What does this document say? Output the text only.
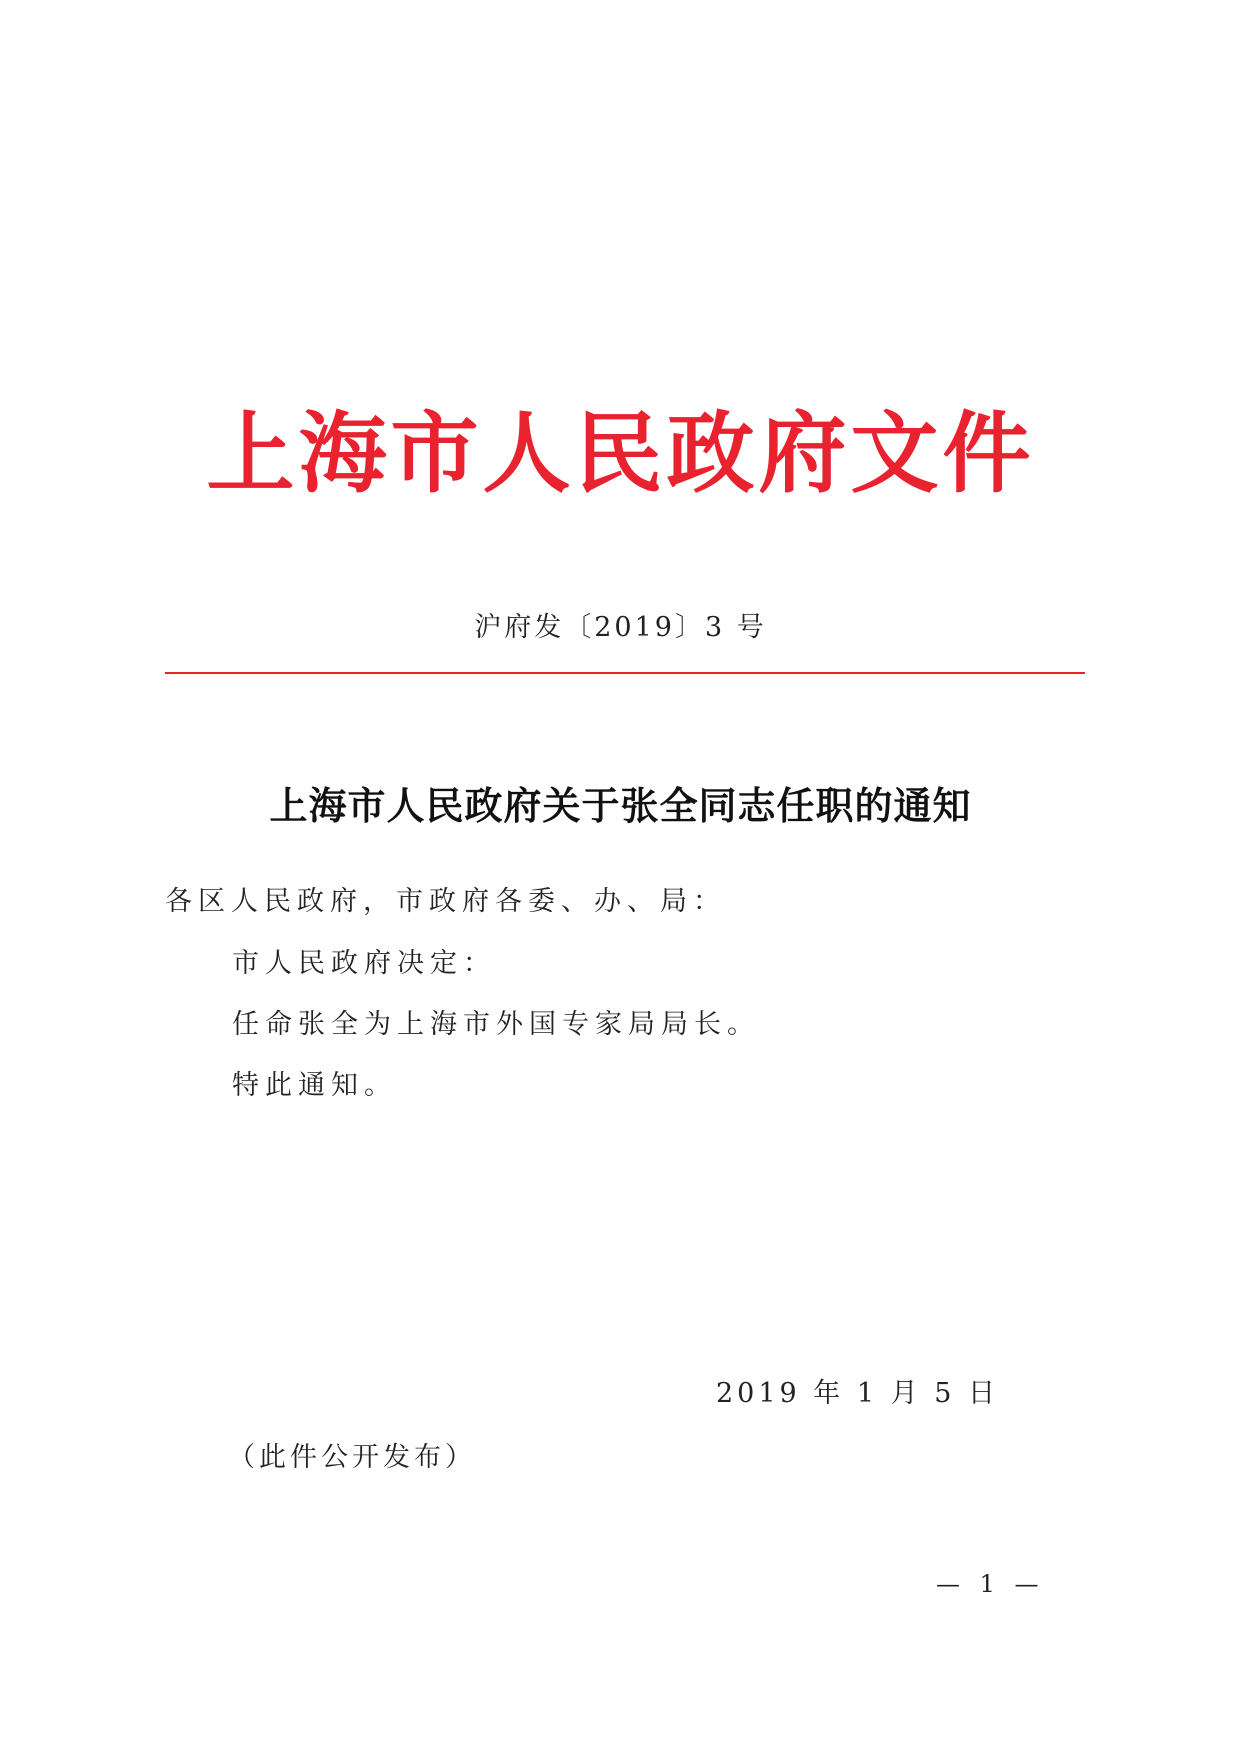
上海市人民政府文件
沪府发〔2019〕3 号
上海市人民政府关于张全同志任职的通知
各区人民政府，市政府各委、办、局：
市人民政府决定：
任命张全为上海市外国专家局局长。
特此通知。
2019 年 1 月 5 日
（此件公开发布）
— 1 —
